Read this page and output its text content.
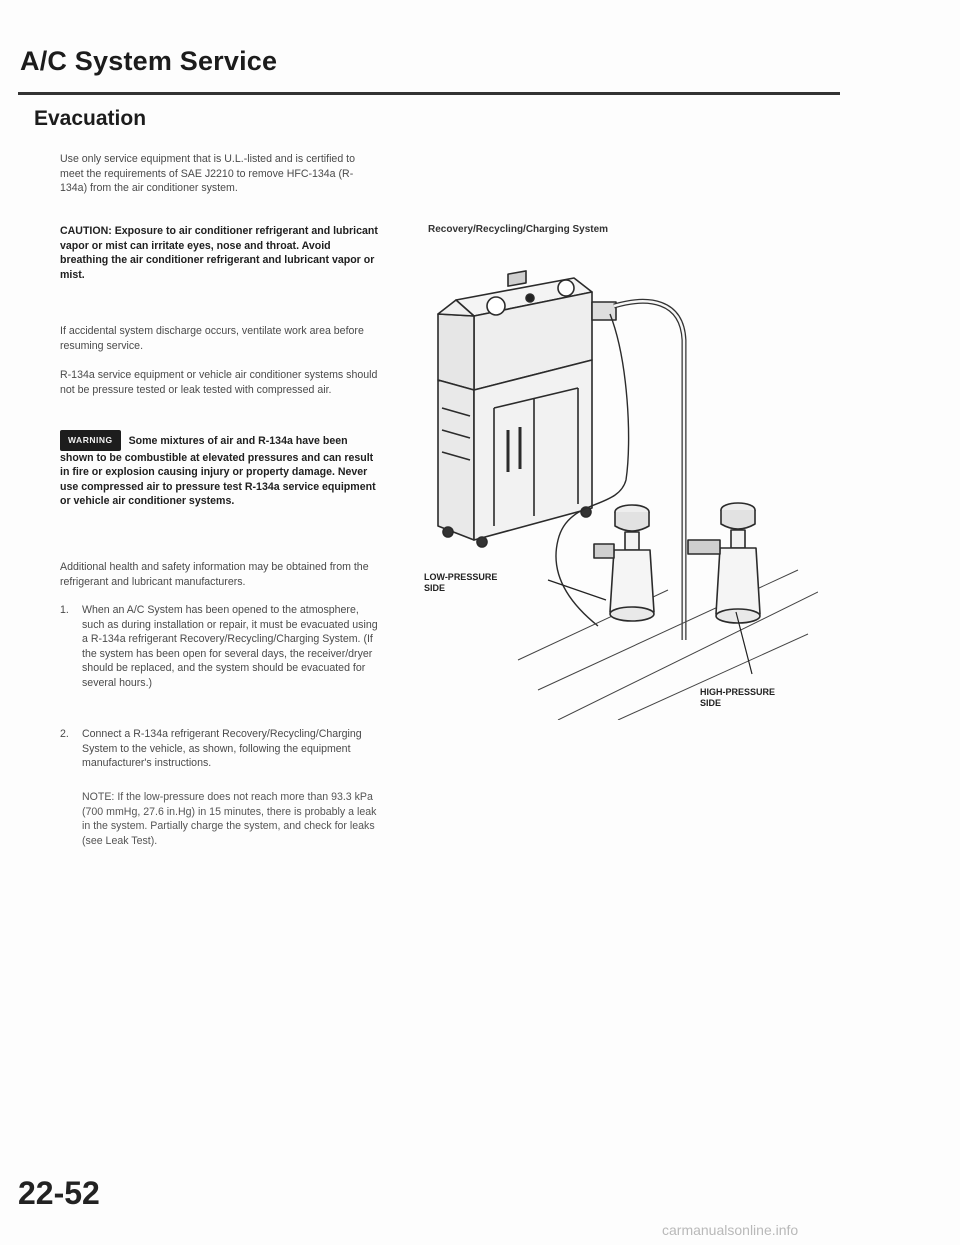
A/C System Service
Evacuation

Use only service equipment that is U.L.-listed and is certified to meet the requirements of SAE J2210 to remove HFC-134a (R-134a) from the air conditioner system.

CAUTION: Exposure to air conditioner refrigerant and lubricant vapor or mist can irritate eyes, nose and throat. Avoid breathing the air conditioner refrigerant and lubricant vapor or mist.

If accidental system discharge occurs, ventilate work area before resuming service.

R-134a service equipment or vehicle air conditioner systems should not be pressure tested or leak tested with compressed air.

WARNING Some mixtures of air and R-134a have been shown to be combustible at elevated pressures and can result in fire or explosion causing injury or property damage. Never use compressed air to pressure test R-134a service equipment or vehicle air conditioner systems.

Additional health and safety information may be obtained from the refrigerant and lubricant manufacturers.

1. When an A/C System has been opened to the atmosphere, such as during installation or repair, it must be evacuated using a R-134a refrigerant Recovery/Recycling/Charging System. (If the system has been open for several days, the receiver/dryer should be replaced, and the system should be evacuated for several hours.)
2. Connect a R-134a refrigerant Recovery/Recycling/Charging System to the vehicle, as shown, following the equipment manufacturer's instructions.

NOTE: If the low-pressure does not reach more than 93.3 kPa (700 mmHg, 27.6 in.Hg) in 15 minutes, there is probably a leak in the system. Partially charge the system, and check for leaks (see Leak Test).

Recovery/Recycling/Charging System
LOW-PRESSURE
SIDE
HIGH-PRESSURE
SIDE
22-52
carmanualsonline.info
